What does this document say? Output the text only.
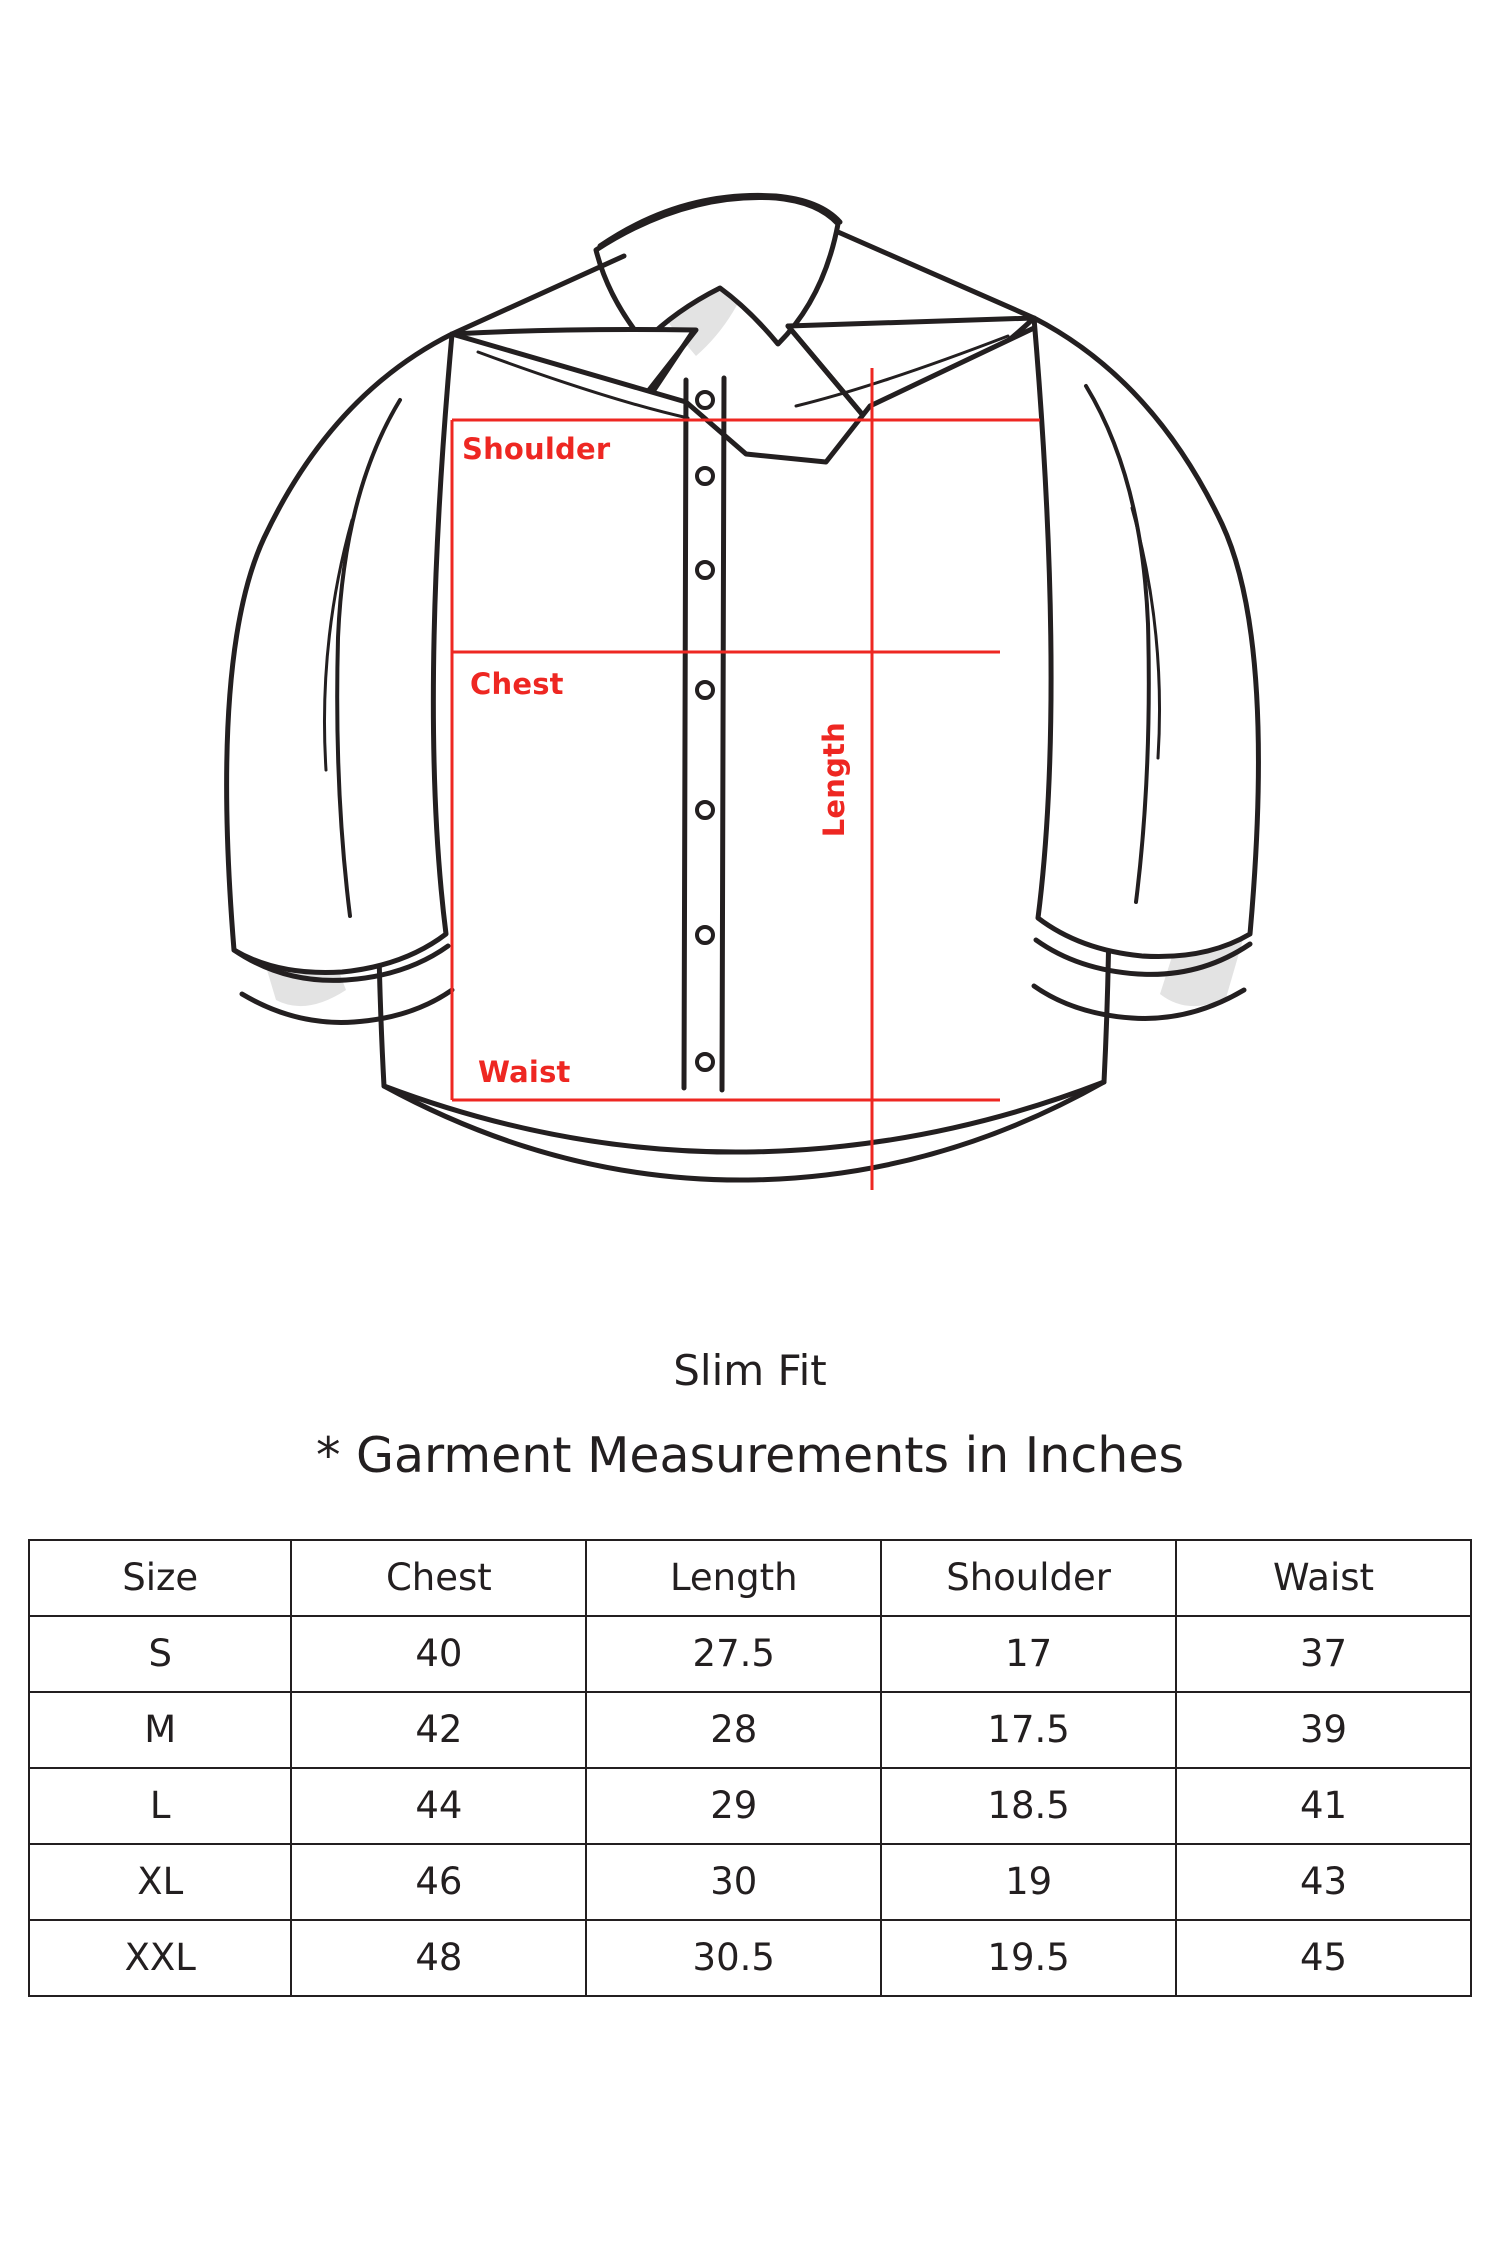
Shoulder
Chest
Waist
Length
Slim Fit
* Garment Measurements in Inches
Size	Chest	Length	Shoulder	Waist
S	40	27.5	17	37
M	42	28	17.5	39
L	44	29	18.5	41
XL	46	30	19	43
XXL	48	30.5	19.5	45
